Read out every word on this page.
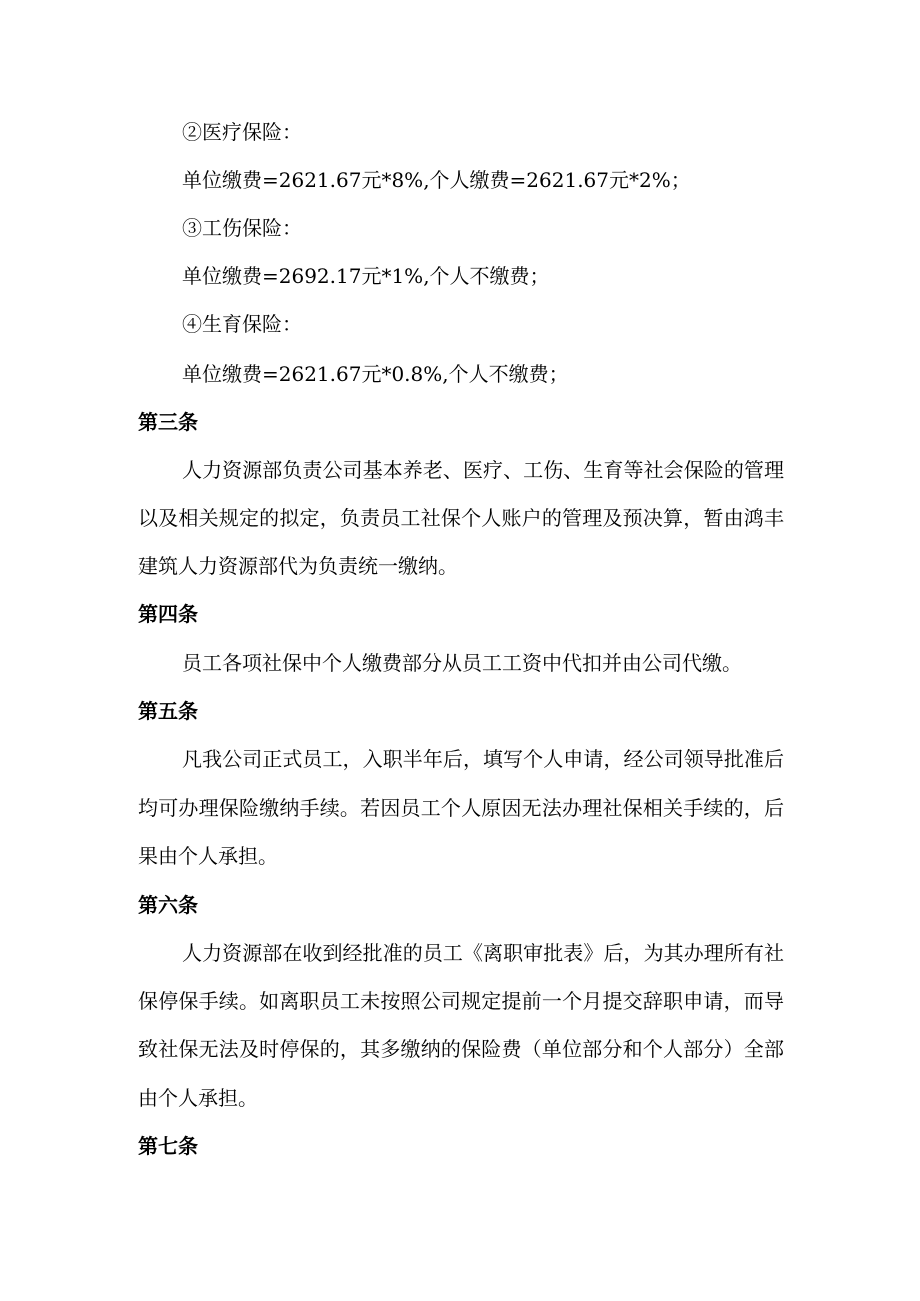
②医疗保险：
单位缴费=2621.67元*8%,个人缴费=2621.67元*2%；
③工伤保险：
单位缴费=2692.17元*1%,个人不缴费；
④生育保险：
单位缴费=2621.67元*0.8%,个人不缴费；
第三条
人力资源部负责公司基本养老、医疗、工伤、生育等社会保险的管理
以及相关规定的拟定，负责员工社保个人账户的管理及预决算，暂由鸿丰
建筑人力资源部代为负责统一缴纳。
第四条
员工各项社保中个人缴费部分从员工工资中代扣并由公司代缴。
第五条
凡我公司正式员工，入职半年后，填写个人申请，经公司领导批准后
均可办理保险缴纳手续。若因员工个人原因无法办理社保相关手续的，后
果由个人承担。
第六条
人力资源部在收到经批准的员工《离职审批表》后，为其办理所有社
保停保手续。如离职员工未按照公司规定提前一个月提交辞职申请，而导
致社保无法及时停保的，其多缴纳的保险费（单位部分和个人部分）全部
由个人承担。
第七条
